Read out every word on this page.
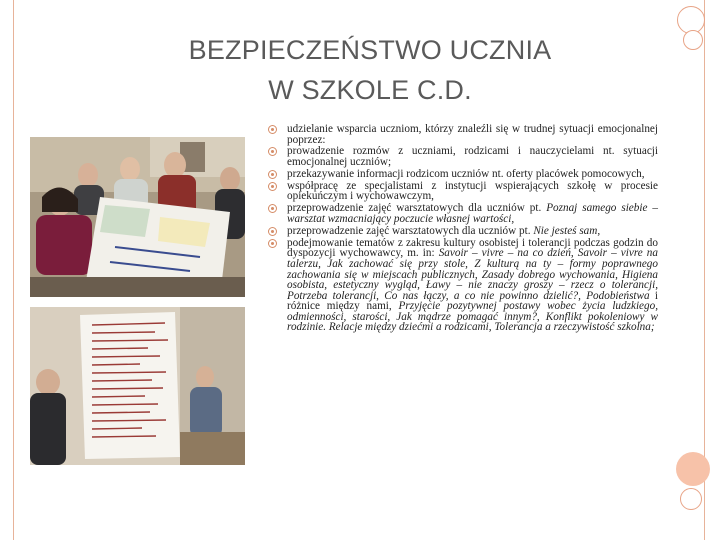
BEZPIECZEŃSTWO UCZNIA
W SZKOLE C.D.
udzielanie wsparcia uczniom, którzy znaleźli się w trudnej sytuacji emocjonalnej poprzez:
prowadzenie rozmów z uczniami, rodzicami i nauczycielami nt. sytuacji emocjonalnej uczniów;
przekazywanie informacji rodzicom uczniów nt. oferty placówek pomocowych,
współpracę ze specjalistami z instytucji wspierających szkołę w procesie opiekuńczym i wychowawczym,
przeprowadzenie zajęć warsztatowych dla uczniów pt. Poznaj samego siebie – warsztat wzmacniający poczucie własnej wartości,
przeprowadzenie zajęć warsztatowych dla uczniów pt. Nie jesteś sam,
podejmowanie tematów z zakresu kultury osobistej i tolerancji podczas godzin do dyspozycji wychowawcy, m. in: Savoir – vivre – na co dzień, Savoir – vivre na talerzu, Jak zachować się przy stole, Z kulturą na ty – formy poprawnego zachowania się w miejscach publicznych, Zasady dobrego wychowania, Higiena osobista, estetyczny wygląd, Ławy – nie znaczy groszy – rzecz o tolerancji, Potrzeba tolerancji, Co nas łączy, a co nie powinno dzielić?, Podobieństwa i różnice między nami, Przyjęcie pozytywnej postawy wobec życia ludzkiego, odmienności, starości, Jak mądrze pomagać innym?, Konflikt pokoleniowy w rodzinie. Relacje między dziećmi a rodzicami, Tolerancja a rzeczywistość szkolna;
